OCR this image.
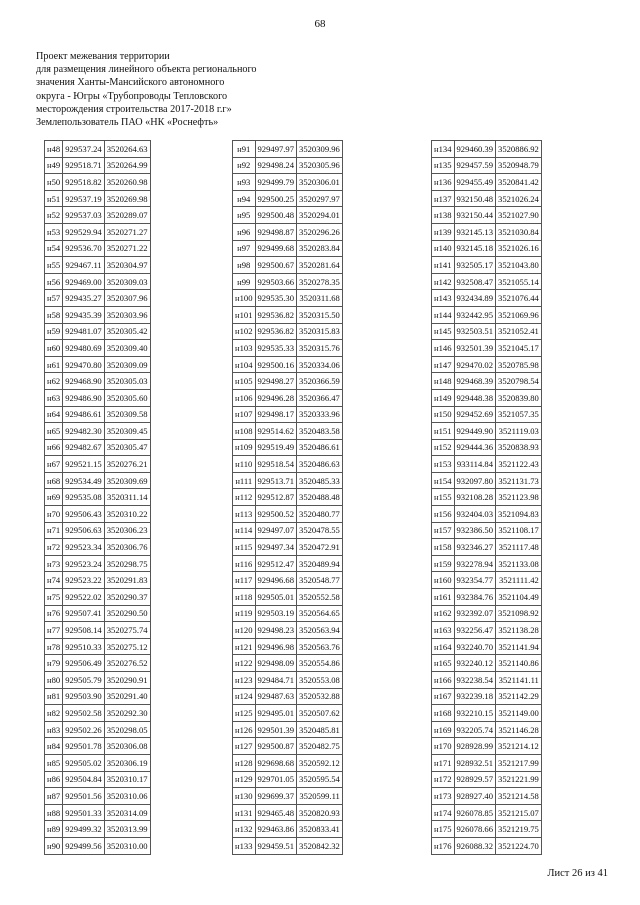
68
Проект межевания территории
для размещения линейного объекта регионального
значения Ханты-Мансийского автономного
округа - Югры «Трубопроводы Тепловского
месторождения строительства 2017-2018 г.г»
Землепользователь ПАО «НК «Роснефть»
н48	929537.24	3520264.63
н49	929518.71	3520264.99
н50	929518.82	3520260.98
н51	929537.19	3520269.98
н52	929537.03	3520289.07
н53	929529.94	3520271.27
н54	929536.70	3520271.22
н55	929467.11	3520304.97
н56	929469.00	3520309.03
н57	929435.27	3520307.96
н58	929435.39	3520303.96
н59	929481.07	3520305.42
н60	929480.69	3520309.40
н61	929470.80	3520309.09
н62	929468.90	3520305.03
н63	929486.90	3520305.60
н64	929486.61	3520309.58
н65	929482.30	3520309.45
н66	929482.67	3520305.47
н67	929521.15	3520276.21
н68	929534.49	3520309.69
н69	929535.08	3520311.14
н70	929506.43	3520310.22
н71	929506.63	3520306.23
н72	929523.34	3520306.76
н73	929523.24	3520298.75
н74	929523.22	3520291.83
н75	929522.02	3520290.37
н76	929507.41	3520290.50
н77	929508.14	3520275.74
н78	929510.33	3520275.12
н79	929506.49	3520276.52
н80	929505.79	3520290.91
н81	929503.90	3520291.40
н82	929502.58	3520292.30
н83	929502.26	3520298.05
н84	929501.78	3520306.08
н85	929505.02	3520306.19
н86	929504.84	3520310.17
н87	929501.56	3520310.06
н88	929501.33	3520314.09
н89	929499.32	3520313.99
н90	929499.56	3520310.00
н91	929497.97	3520309.96
н92	929498.24	3520305.96
н93	929499.79	3520306.01
н94	929500.25	3520297.97
н95	929500.48	3520294.01
н96	929498.87	3520296.26
н97	929499.68	3520283.84
н98	929500.67	3520281.64
н99	929503.66	3520278.35
н100	929535.30	3520311.68
н101	929536.82	3520315.50
н102	929536.82	3520315.83
н103	929535.33	3520315.76
н104	929500.16	3520334.06
н105	929498.27	3520366.59
н106	929496.28	3520366.47
н107	929498.17	3520333.96
н108	929514.62	3520483.58
н109	929519.49	3520486.61
н110	929518.54	3520486.63
н111	929513.71	3520485.33
н112	929512.87	3520488.48
н113	929500.52	3520480.77
н114	929497.07	3520478.55
н115	929497.34	3520472.91
н116	929512.47	3520489.94
н117	929496.68	3520548.77
н118	929505.01	3520552.58
н119	929503.19	3520564.65
н120	929498.23	3520563.94
н121	929496.98	3520563.76
н122	929498.09	3520554.86
н123	929484.71	3520553.08
н124	929487.63	3520532.88
н125	929495.01	3520507.62
н126	929501.39	3520485.81
н127	929500.87	3520482.75
н128	929698.68	3520592.12
н129	929701.05	3520595.54
н130	929699.37	3520599.11
н131	929465.48	3520820.93
н132	929463.86	3520833.41
н133	929459.51	3520842.32
н134	929460.39	3520886.92
н135	929457.59	3520948.79
н136	929455.49	3520841.42
н137	932150.48	3521026.24
н138	932150.44	3521027.90
н139	932145.13	3521030.84
н140	932145.18	3521026.16
н141	932505.17	3521043.80
н142	932508.47	3521055.14
н143	932434.89	3521076.44
н144	932442.95	3521069.96
н145	932503.51	3521052.41
н146	932501.39	3521045.17
н147	929470.02	3520785.98
н148	929468.39	3520798.54
н149	929448.38	3520839.80
н150	929452.69	3521057.35
н151	929449.90	3521119.03
н152	929444.36	3520838.93
н153	933114.84	3521122.43
н154	932097.80	3521131.73
н155	932108.28	3521123.98
н156	932404.03	3521094.83
н157	932386.50	3521108.17
н158	932346.27	3521117.48
н159	932278.94	3521133.08
н160	932354.77	3521111.42
н161	932384.76	3521104.49
н162	932392.07	3521098.92
н163	932256.47	3521138.28
н164	932240.70	3521141.94
н165	932240.12	3521140.86
н166	932238.54	3521141.11
н167	932239.18	3521142.29
н168	932210.15	3521149.00
н169	932205.74	3521146.28
н170	928928.99	3521214.12
н171	928932.51	3521217.99
н172	928929.57	3521221.99
н173	928927.40	3521214.58
н174	926078.85	3521215.07
н175	926078.66	3521219.75
н176	926088.32	3521224.70
Лист 26 из 41
